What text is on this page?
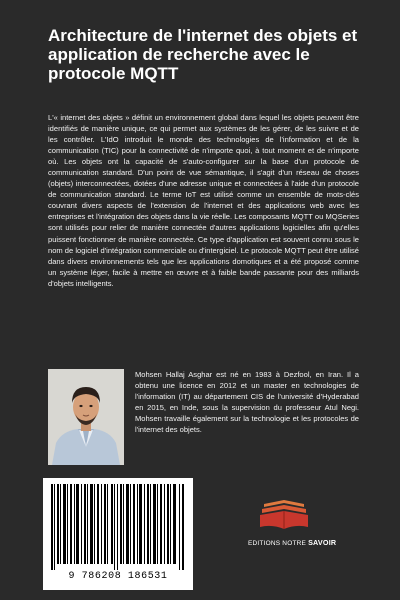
Architecture de l'internet des objets et application de recherche avec le protocole MQTT

L'« internet des objets » définit un environnement global dans lequel les objets peuvent être identifiés de manière unique, ce qui permet aux systèmes de les gérer, de les suivre et de les contrôler. L'IdO introduit le monde des technologies de l'information et de la communication (TIC) pour la connectivité de n'importe quoi, à tout moment et de n'importe où. Les objets ont la capacité de s'auto-configurer sur la base d'un protocole de communication standard. D'un point de vue sémantique, il s'agit d'un réseau de choses (objets) interconnectées, dotées d'une adresse unique et connectées à l'aide d'un protocole de communication standard. Le terme IoT est utilisé comme un ensemble de mots-clés couvrant divers aspects de l'extension de l'internet et des applications web avec les entreprises et l'intégration des objets dans la vie réelle. Les composants MQTT ou MQSeries sont utilisés pour relier de manière connectée d'autres applications logicielles afin qu'elles puissent fonctionner de manière connectée. Ce type d'application est souvent connu sous le nom de logiciel d'intégration commerciale ou d'intergiciel. Le protocole MQTT peut être utilisé dans divers environnements tels que les applications domotiques et a été proposé comme un système léger, facile à mettre en œuvre et à faible bande passante pour des milliards d'objets intelligents.

Mohsen Hallaj Asghar est né en 1983 à Dezfool, en Iran. Il a obtenu une licence en 2012 et un master en technologies de l'information (IT) au département CIS de l'université d'Hyderabad en 2015, en Inde, sous la supervision du professeur Atul Negi. Mohsen travaille également sur la technologie et les protocoles de l'internet des objets.

9 786208 186531
EDITIONS NOTRE SAVOIR
